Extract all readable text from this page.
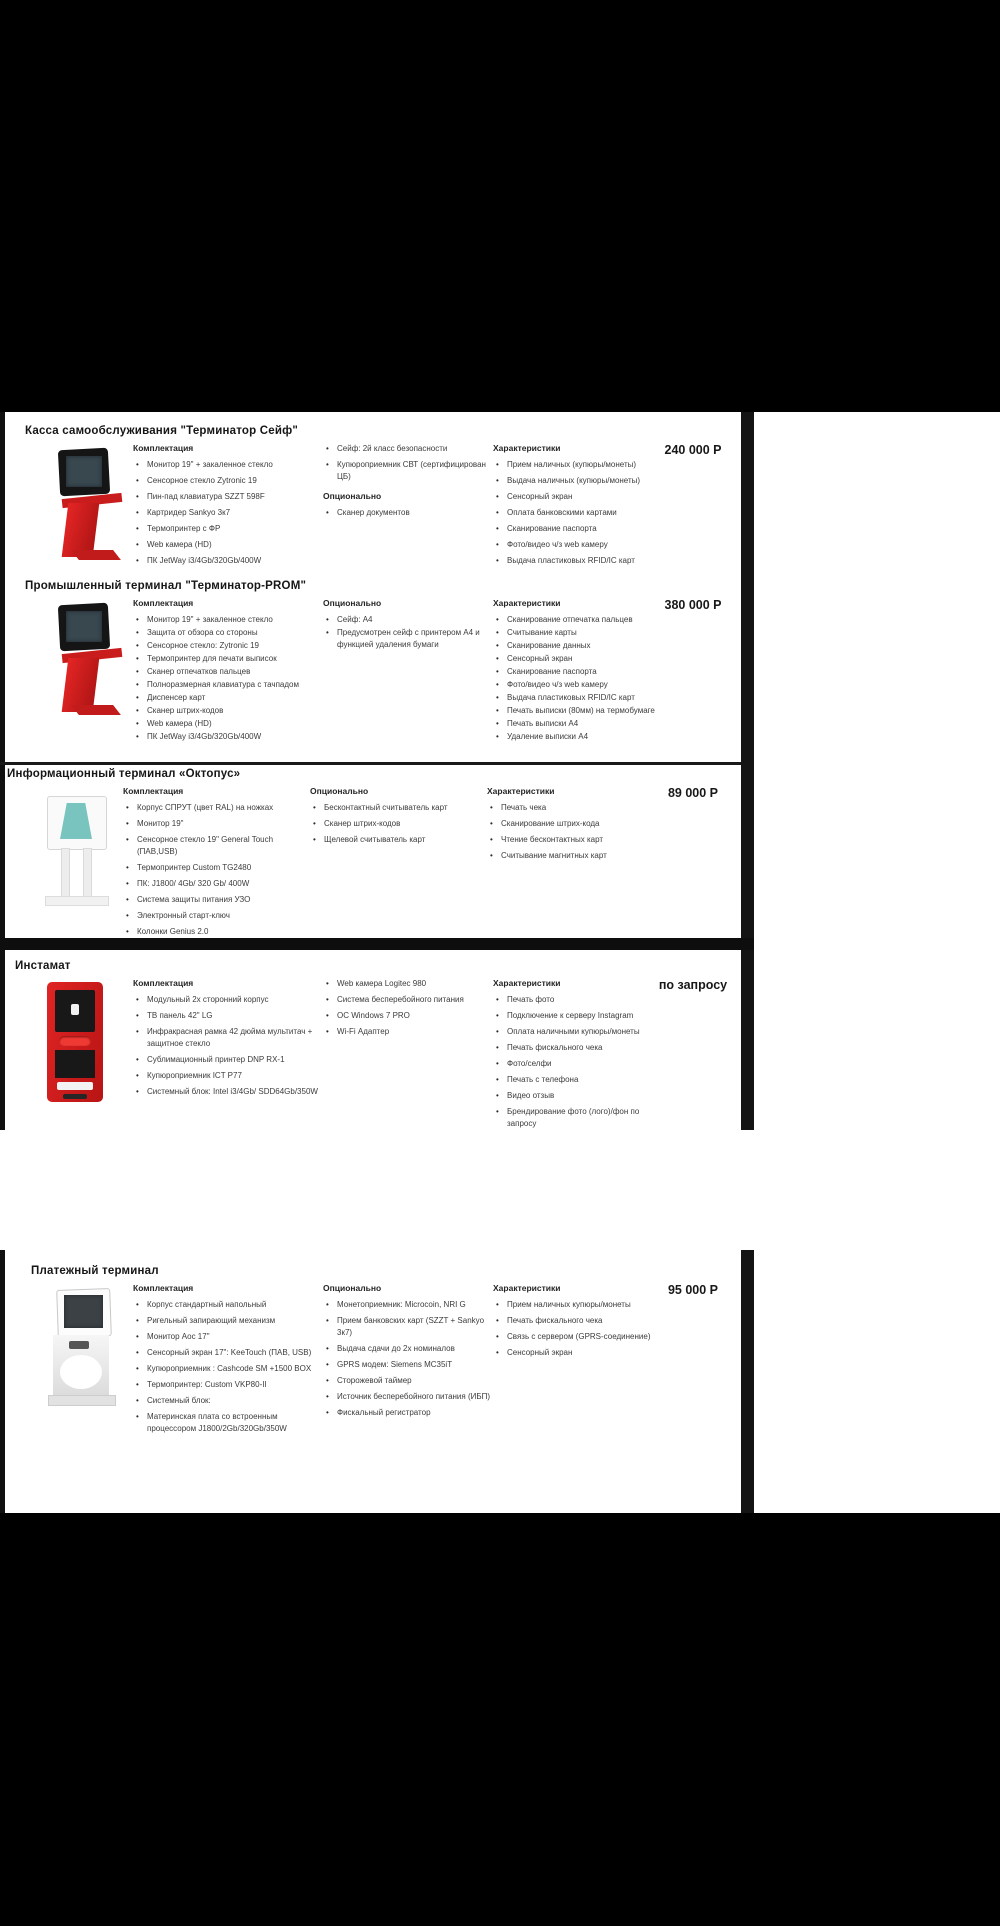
Касса самообслуживания "Терминатор Сейф"
240 000 Р
Комплектация
• Монитор 19" + закаленное стекло
• Сенсорное стекло Zytronic 19
• Пин-пад клавиатура SZZT 598F
• Картридер Sankyo 3к7
• Термопринтер с ФР
• Web камера (HD)
• ПК JetWay i3/4Gb/320Gb/400W
• Сейф: 2й класс безопасности
• Купюроприемник СВТ (сертифицирован ЦБ)
Опционально
• Сканер документов
Характеристики
• Прием наличных (купюры/монеты)
• Выдача наличных (купюры/монеты)
• Сенсорный экран
• Оплата банковскими картами
• Сканирование паспорта
• Фото/видео ч/з web камеру
• Выдача пластиковых RFID/IC карт
Промышленный терминал "Терминатор-PROM"
380 000 Р
Комплектация
• Монитор 19" + закаленное стекло
• Защита от обзора со стороны
• Сенсорное стекло: Zytronic 19
• Термопринтер для печати выписок
• Сканер отпечатков пальцев
• Полноразмерная клавиатура с тачпадом
• Диспенсер карт
• Сканер штрих-кодов
• Web камера (HD)
• ПК JetWay i3/4Gb/320Gb/400W
Опционально
• Сейф: А4
• Предусмотрен сейф с принтером А4 и функцией удаления бумаги
Характеристики
• Сканирование отпечатка пальцев
• Считывание карты
• Сканирование данных
• Сенсорный экран
• Сканирование паспорта
• Фото/видео ч/з web камеру
• Выдача пластиковых RFID/IC карт
• Печать выписки (80мм) на термобумаге
• Печать выписки А4
• Удаление выписки А4
Информационный терминал «Октопус»
89 000 Р
Комплектация
• Корпус СПРУТ (цвет RAL) на ножках
• Монитор 19"
• Сенсорное стекло 19" General Touch (ПАВ,USB)
• Термопринтер Custom TG2480
• ПК: J1800/ 4Gb/ 320 Gb/ 400W
• Система защиты питания УЗО
• Электронный старт-ключ
• Колонки Genius 2.0
Опционально
• Бесконтактный считыватель карт
• Сканер штрих-кодов
• Щелевой считыватель карт
Характеристики
• Печать чека
• Сканирование штрих-кода
• Чтение бесконтактных карт
• Считывание магнитных карт
Инстамат
по запросу
Комплектация
• Модульный 2х сторонний корпус
• ТВ панель 42" LG
• Инфракрасная рамка 42 дюйма мультитач + защитное стекло
• Сублимационный принтер DNP RX-1
• Купюроприемник ICT P77
• Системный блок: Intel i3/4Gb/ SDD64Gb/350W
• Web камера Logitec 980
• Система бесперебойного питания
• ОС Windows 7 PRO
• Wi-Fi Адаптер
Характеристики
• Печать фото
• Подключение к серверу Instagram
• Оплата наличными купюры/монеты
• Печать фискального чека
• Фото/селфи
• Печать с телефона
• Видео отзыв
• Брендирование фото (лого)/фон по запросу
Платежный терминал
95 000 Р
Комплектация
• Корпус стандартный напольный
• Ригельный запирающий механизм
• Монитор Aoc 17"
• Сенсорный экран 17": KeeTouch (ПАВ, USB)
• Купюроприемник : Cashcode SM +1500 BOX
• Термопринтер: Custom VKP80-II
• Системный блок:
• Материнская плата со встроенным процессором J1800/2Gb/320Gb/350W
Опционально
• Монетоприемник: Microcoin, NRI G
• Прием банковских карт (SZZT + Sankyo 3к7)
• Выдача сдачи до 2х номиналов
• GPRS модем: Siemens MC35iT
• Сторожевой таймер
• Источник бесперебойного питания (ИБП)
• Фискальный регистратор
Характеристики
• Прием наличных купюры/монеты
• Печать фискального чека
• Связь с сервером (GPRS-соединение)
• Сенсорный экран
